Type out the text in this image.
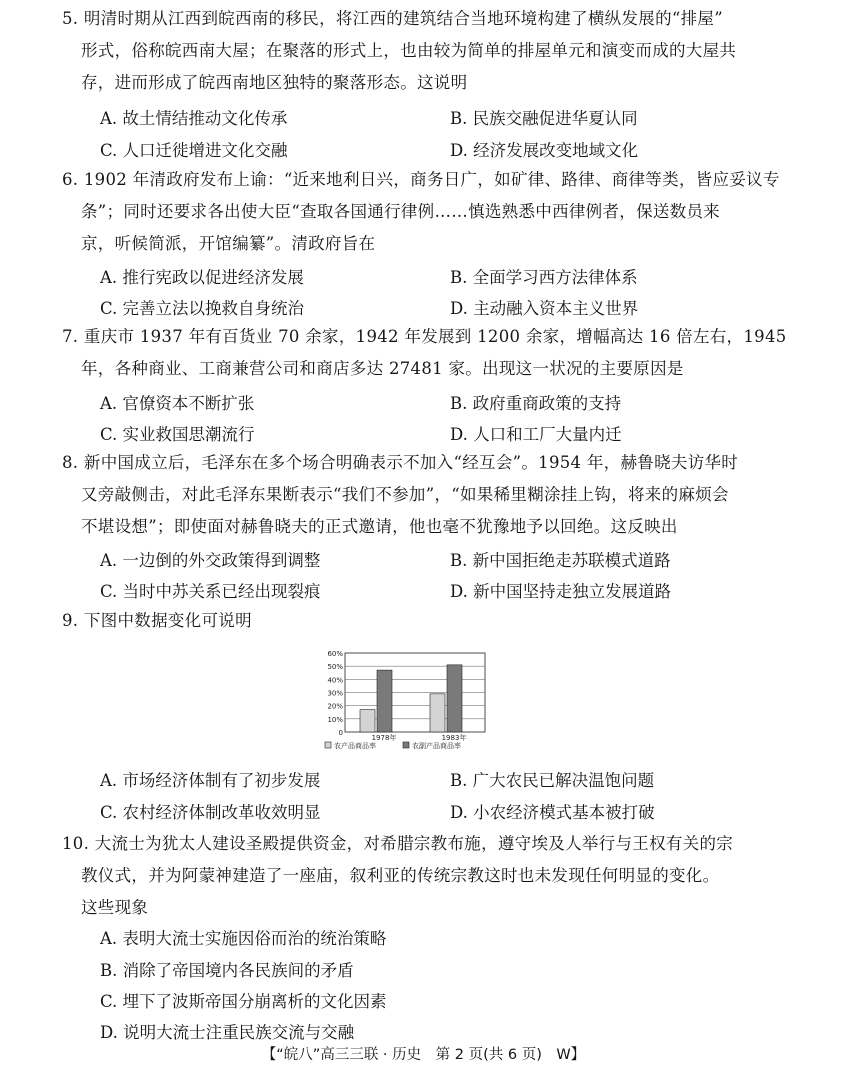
5. 明清时期从江西到皖西南的移民，将江西的建筑结合当地环境构建了横纵发展的“排屋”
形式，俗称皖西南大屋；在聚落的形式上，也由较为简单的排屋单元和演变而成的大屋共
存，进而形成了皖西南地区独特的聚落形态。这说明
A. 故土情结推动文化传承	B. 民族交融促进华夏认同
C. 人口迁徙增进文化交融	D. 经济发展改变地域文化
6. 1902 年清政府发布上谕：“近来地利日兴，商务日广，如矿律、路律、商律等类，皆应妥议专
条”；同时还要求各出使大臣“查取各国通行律例……慎选熟悉中西律例者，保送数员来
京，听候简派，开馆编纂”。清政府旨在
A. 推行宪政以促进经济发展	B. 全面学习西方法律体系
C. 完善立法以挽救自身统治	D. 主动融入资本主义世界
7. 重庆市 1937 年有百货业 70 余家，1942 年发展到 1200 余家，增幅高达 16 倍左右，1945
年，各种商业、工商兼营公司和商店多达 27481 家。出现这一状况的主要原因是
A. 官僚资本不断扩张	B. 政府重商政策的支持
C. 实业救国思潮流行	D. 人口和工厂大量内迁
8. 新中国成立后，毛泽东在多个场合明确表示不加入“经互会”。1954 年，赫鲁晓夫访华时
又旁敲侧击，对此毛泽东果断表示“我们不参加”，“如果稀里糊涂挂上钩，将来的麻烦会
不堪设想”；即使面对赫鲁晓夫的正式邀请，他也毫不犹豫地予以回绝。这反映出
A. 一边倒的外交政策得到调整	B. 新中国拒绝走苏联模式道路
C. 当时中苏关系已经出现裂痕	D. 新中国坚持走独立发展道路
9. 下图中数据变化可说明
0
10%
20%
30%
40%
50%
60%
1978年	1983年
农产品商品率	农副产品商品率
A. 市场经济体制有了初步发展	B. 广大农民已解决温饱问题
C. 农村经济体制改革收效明显	D. 小农经济模式基本被打破
10. 大流士为犹太人建设圣殿提供资金，对希腊宗教布施，遵守埃及人举行与王权有关的宗
教仪式，并为阿蒙神建造了一座庙，叙利亚的传统宗教这时也未发现任何明显的变化。
这些现象
A. 表明大流士实施因俗而治的统治策略
B. 消除了帝国境内各民族间的矛盾
C. 埋下了波斯帝国分崩离析的文化因素
D. 说明大流士注重民族交流与交融
【“皖八”高三三联 · 历史　第 2 页(共 6 页)　W】
